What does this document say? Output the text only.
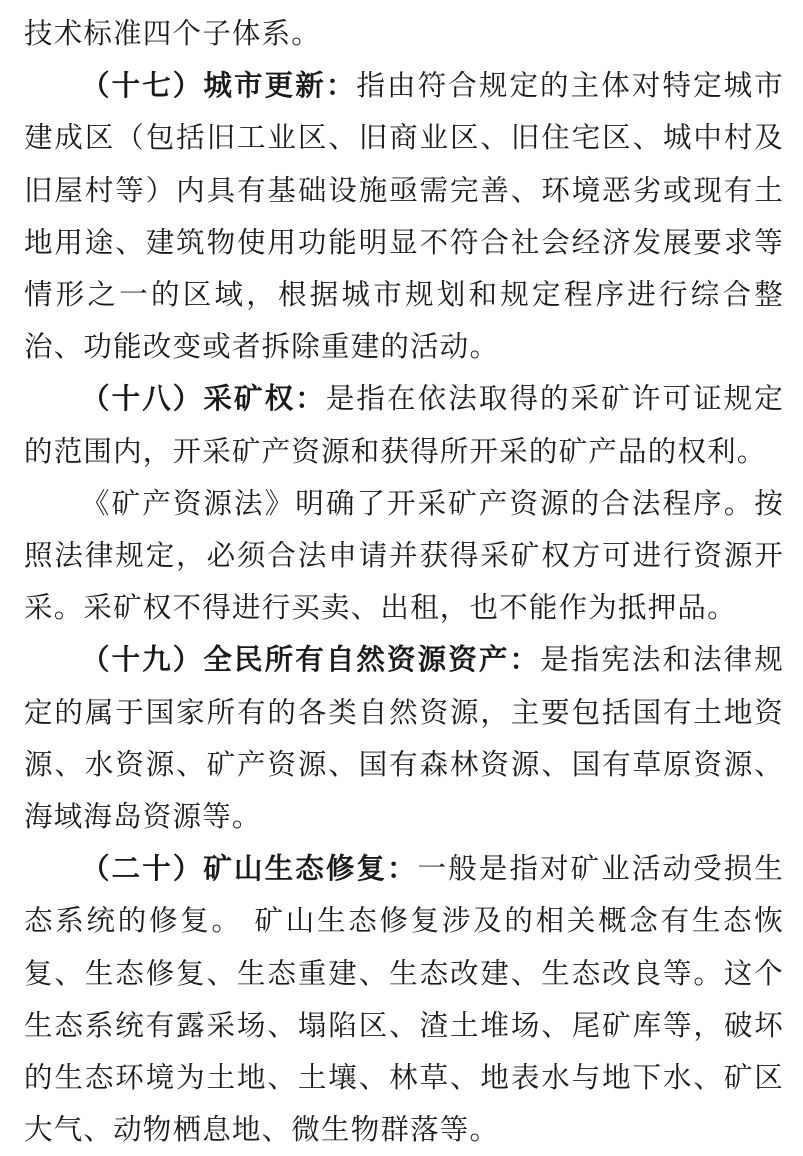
技术标准四个子体系。

（十七）城市更新：指由符合规定的主体对特定城市建成区（包括旧工业区、旧商业区、旧住宅区、城中村及旧屋村等）内具有基础设施亟需完善、环境恶劣或现有土地用途、建筑物使用功能明显不符合社会经济发展要求等情形之一的区域，根据城市规划和规定程序进行综合整治、功能改变或者拆除重建的活动。

（十八）采矿权：是指在依法取得的采矿许可证规定的范围内，开采矿产资源和获得所开采的矿产品的权利。

《矿产资源法》明确了开采矿产资源的合法程序。按照法律规定，必须合法申请并获得采矿权方可进行资源开采。采矿权不得进行买卖、出租，也不能作为抵押品。

（十九）全民所有自然资源资产：是指宪法和法律规定的属于国家所有的各类自然资源，主要包括国有土地资源、水资源、矿产资源、国有森林资源、国有草原资源、海域海岛资源等。

（二十）矿山生态修复：一般是指对矿业活动受损生态系统的修复。 矿山生态修复涉及的相关概念有生态恢复、生态修复、生态重建、生态改建、生态改良等。这个生态系统有露采场、塌陷区、渣土堆场、尾矿库等，破坏的生态环境为土地、土壤、林草、地表水与地下水、矿区大气、动物栖息地、微生物群落等。
